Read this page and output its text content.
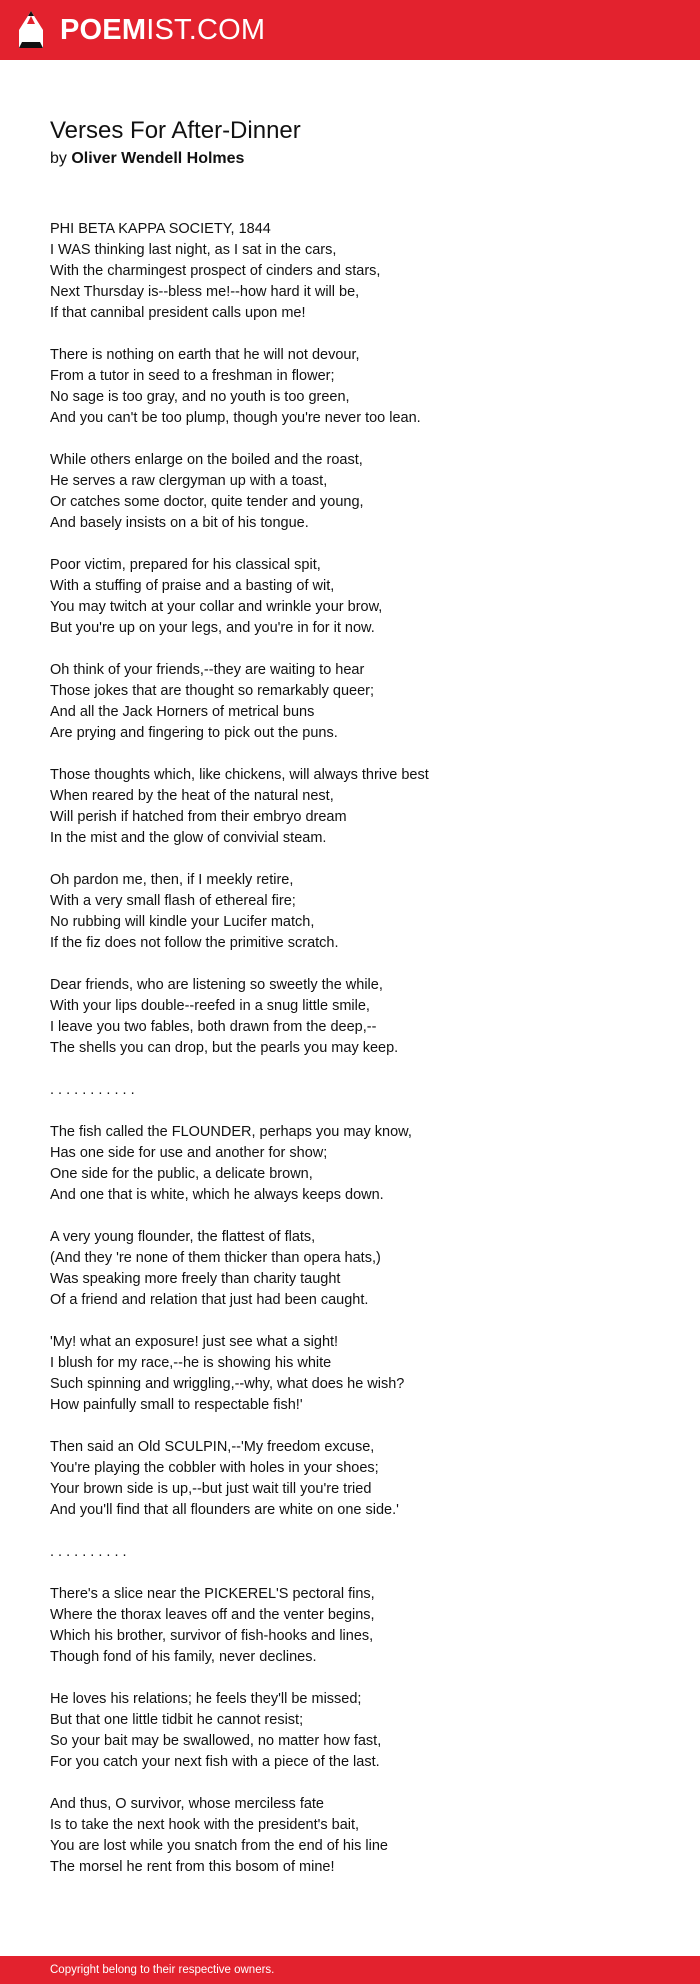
POEMIST.COM
Verses For After-Dinner
by Oliver Wendell Holmes
PHI BETA KAPPA SOCIETY, 1844
I WAS thinking last night, as I sat in the cars,
With the charmingest prospect of cinders and stars,
Next Thursday is--bless me!--how hard it will be,
If that cannibal president calls upon me!
There is nothing on earth that he will not devour,
From a tutor in seed to a freshman in flower;
No sage is too gray, and no youth is too green,
And you can't be too plump, though you're never too lean.
While others enlarge on the boiled and the roast,
He serves a raw clergyman up with a toast,
Or catches some doctor, quite tender and young,
And basely insists on a bit of his tongue.
Poor victim, prepared for his classical spit,
With a stuffing of praise and a basting of wit,
You may twitch at your collar and wrinkle your brow,
But you're up on your legs, and you're in for it now.
Oh think of your friends,--they are waiting to hear
Those jokes that are thought so remarkably queer;
And all the Jack Horners of metrical buns
Are prying and fingering to pick out the puns.
Those thoughts which, like chickens, will always thrive best
When reared by the heat of the natural nest,
Will perish if hatched from their embryo dream
In the mist and the glow of convivial steam.
Oh pardon me, then, if I meekly retire,
With a very small flash of ethereal fire;
No rubbing will kindle your Lucifer match,
If the fiz does not follow the primitive scratch.
Dear friends, who are listening so sweetly the while,
With your lips double--reefed in a snug little smile,
I leave you two fables, both drawn from the deep,--
The shells you can drop, but the pearls you may keep.
. . . . . . . . . . .
The fish called the FLOUNDER, perhaps you may know,
Has one side for use and another for show;
One side for the public, a delicate brown,
And one that is white, which he always keeps down.
A very young flounder, the flattest of flats,
(And they 're none of them thicker than opera hats,)
Was speaking more freely than charity taught
Of a friend and relation that just had been caught.
'My! what an exposure! just see what a sight!
I blush for my race,--he is showing his white
Such spinning and wriggling,--why, what does he wish?
How painfully small to respectable fish!'
Then said an Old SCULPIN,--'My freedom excuse,
You're playing the cobbler with holes in your shoes;
Your brown side is up,--but just wait till you're tried
And you'll find that all flounders are white on one side.'
. . . . . . . . . .
There's a slice near the PICKEREL'S pectoral fins,
Where the thorax leaves off and the venter begins,
Which his brother, survivor of fish-hooks and lines,
Though fond of his family, never declines.
He loves his relations; he feels they'll be missed;
But that one little tidbit he cannot resist;
So your bait may be swallowed, no matter how fast,
For you catch your next fish with a piece of the last.
And thus, O survivor, whose merciless fate
Is to take the next hook with the president's bait,
You are lost while you snatch from the end of his line
The morsel he rent from this bosom of mine!
Copyright belong to their respective owners.
